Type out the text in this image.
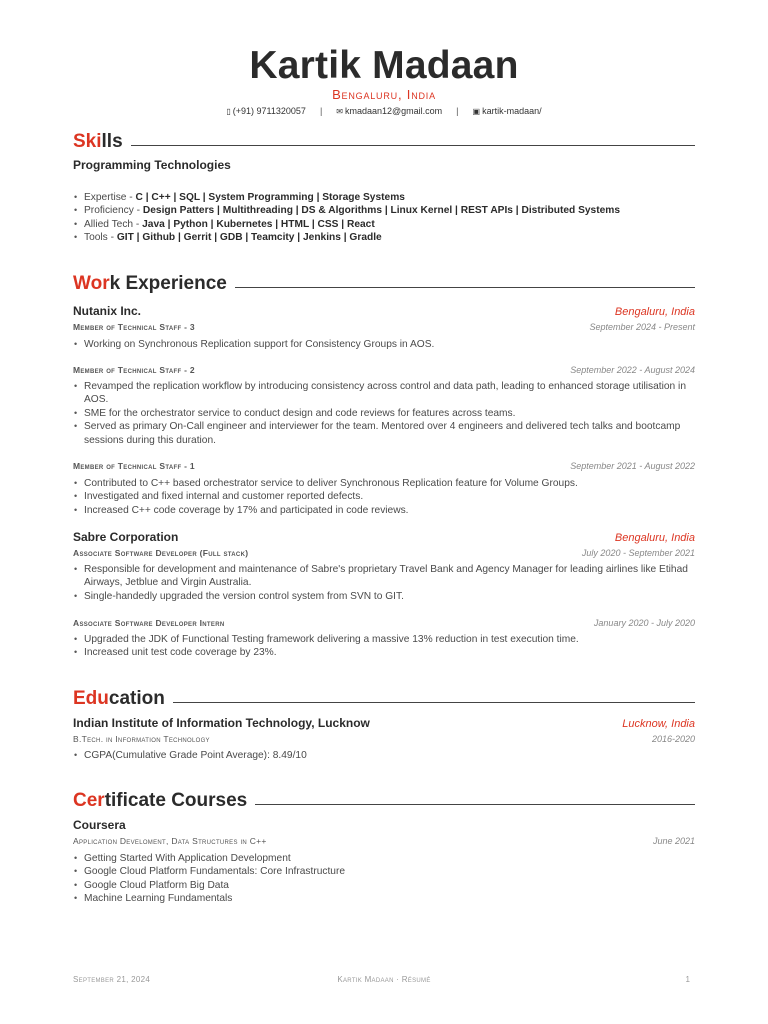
Kartik Madaan
Bengaluru, India
▯ (+91) 9711320057 | ✉ kmadaan12@gmail.com | ▣ kartik-madaan/
Skills
Programming Technologies
• Expertise - C | C++ | SQL | System Programming | Storage Systems
• Proficiency - Design Patters | Multithreading | DS & Algorithms | Linux Kernel | REST APIs | Distributed Systems
• Allied Tech - Java | Python | Kubernetes | HTML | CSS | React
• Tools - GIT | Github | Gerrit | GDB | Teamcity | Jenkins | Gradle
Work Experience
Nutanix Inc.	Bengaluru, India
Member of Technical Staff - 3	September 2024 - Present
• Working on Synchronous Replication support for Consistency Groups in AOS.
Member of Technical Staff - 2	September 2022 - August 2024
• Revamped the replication workflow by introducing consistency across control and data path, leading to enhanced storage utilisation in AOS.
• SME for the orchestrator service to conduct design and code reviews for features across teams.
• Served as primary On-Call engineer and interviewer for the team. Mentored over 4 engineers and delivered tech talks and bootcamp sessions during this duration.
Member of Technical Staff - 1	September 2021 - August 2022
• Contributed to C++ based orchestrator service to deliver Synchronous Replication feature for Volume Groups.
• Investigated and fixed internal and customer reported defects.
• Increased C++ code coverage by 17% and participated in code reviews.
Sabre Corporation	Bengaluru, India
Associate Software Developer (Full stack)	July 2020 - September 2021
• Responsible for development and maintenance of Sabre's proprietary Travel Bank and Agency Manager for leading airlines like Etihad Airways, Jetblue and Virgin Australia.
• Single-handedly upgraded the version control system from SVN to GIT.
Associate Software Developer Intern	January 2020 - July 2020
• Upgraded the JDK of Functional Testing framework delivering a massive 13% reduction in test execution time.
• Increased unit test code coverage by 23%.
Education
Indian Institute of Information Technology, Lucknow	Lucknow, India
B.Tech. in Information Technology	2016-2020
• CGPA(Cumulative Grade Point Average): 8.49/10
Certificate Courses
Coursera
Application Develoment, Data Structures in C++	June 2021
• Getting Started With Application Development
• Google Cloud Platform Fundamentals: Core Infrastructure
• Google Cloud Platform Big Data
• Machine Learning Fundamentals
September 21, 2024	Kartik Madaan · Résumé	1
